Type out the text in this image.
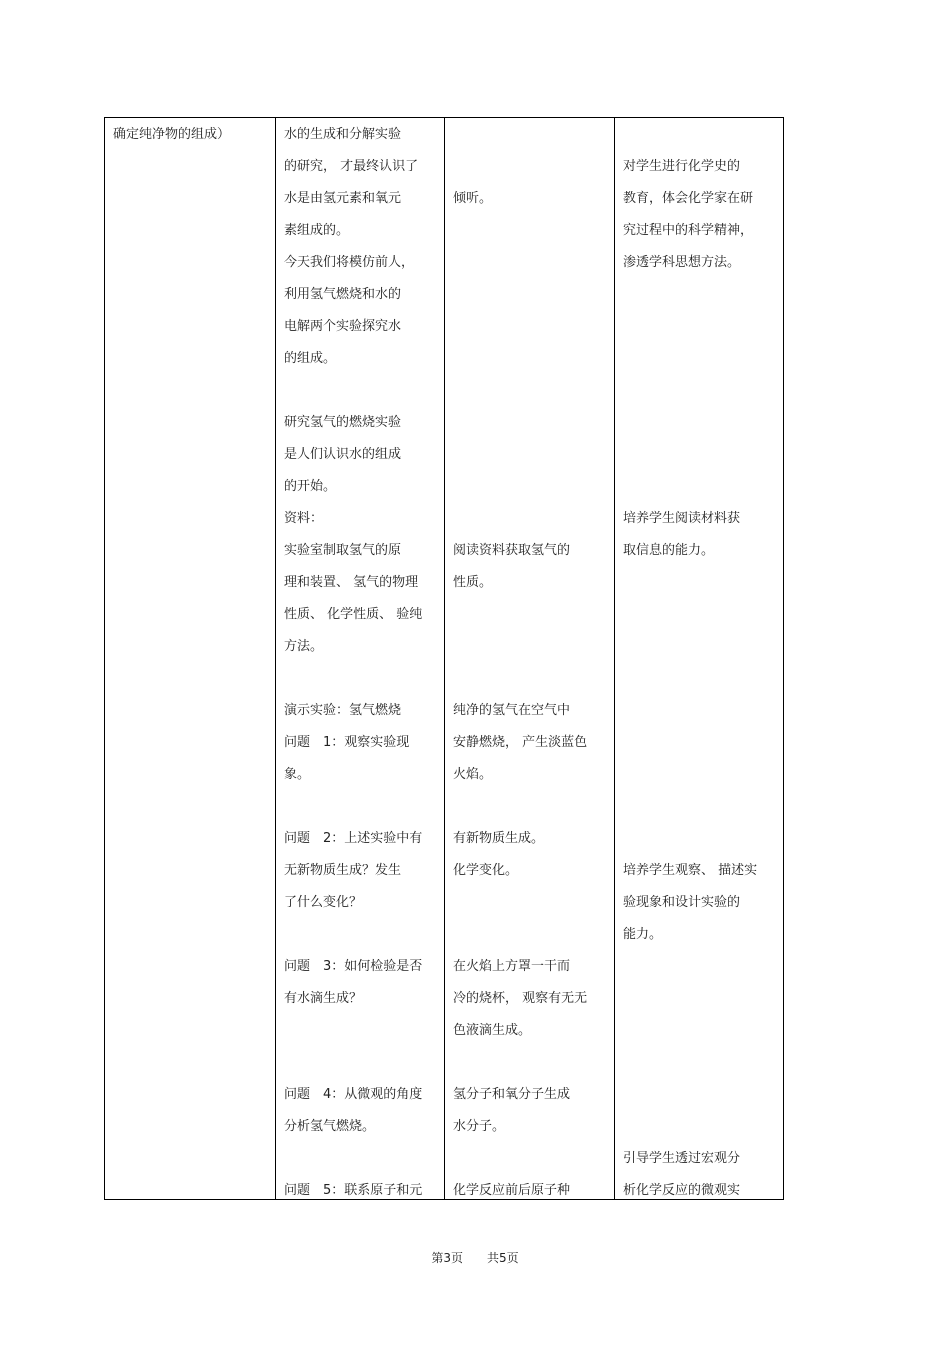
确定纯净物的组成）	水的生成和分解实验
的研究， 才最终认识了
水是由氢元素和氧元
素组成的。
今天我们将模仿前人，
利用氢气燃烧和水的
电解两个实验探究水
的组成。
研究氢气的燃烧实验
是人们认识水的组成
的开始。
资料：
实验室制取氢气的原
理和装置、 氢气的物理
性质、 化学性质、 验纯
方法。
演示实验：氢气燃烧
问题　1：观察实验现
象。
问题　2：上述实验中有
无新物质生成？发生
了什么变化？
问题　3：如何检验是否
有水滴生成？
问题　4：从微观的角度
分析氢气燃烧。
问题　5：联系原子和元
倾听。
阅读资料获取氢气的
性质。
纯净的氢气在空气中
安静燃烧， 产生淡蓝色
火焰。
有新物质生成。
化学变化。
在火焰上方罩一干而
冷的烧杯， 观察有无无
色液滴生成。
氢分子和氧分子生成
水分子。
化学反应前后原子种
对学生进行化学史的
教育，体会化学家在研
究过程中的科学精神，
渗透学科思想方法。
培养学生阅读材料获
取信息的能力。
培养学生观察、 描述实
验现象和设计实验的
能力。
引导学生透过宏观分
析化学反应的微观实
第3页　　共5页
